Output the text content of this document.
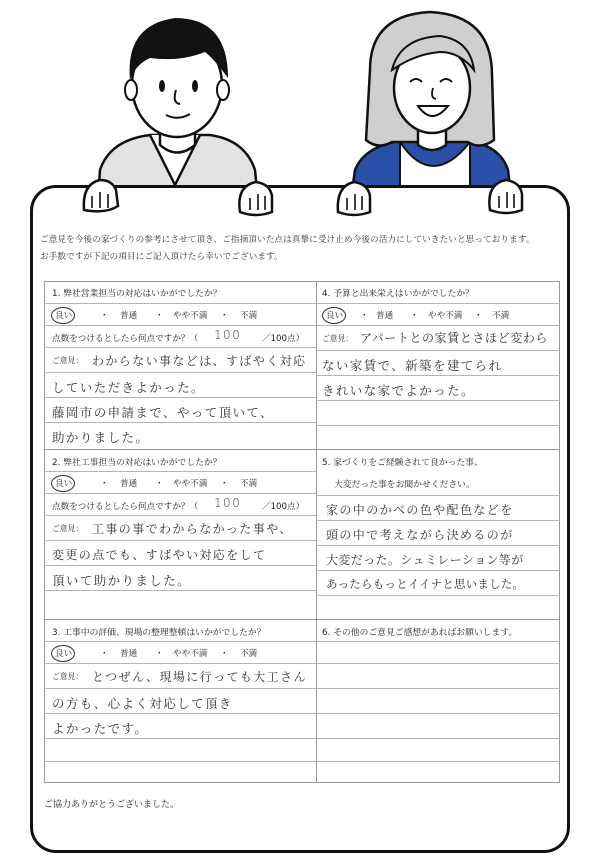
ご意見を今後の家づくりの参考にさせて頂き、ご指摘頂いた点は真摯に受け止め今後の活力にしていきたいと思っております。
お手数ですが下記の項目にご記入頂けたら幸いでございます。
1. 弊社営業担当の対応はいかがでしたか？
良い	・ 普通 ・ やや不満 ・ 不満
点数をつけるとしたら何点ですか？（ 100 ／100点）
ご意見： わからない事などは、すばやく対応
していただきよかった。
藤岡市の申請まで、やって頂いて、
助かりました。
2. 弊社工事担当の対応はいかがでしたか？
良い	・ 普通 ・ やや不満 ・ 不満
点数をつけるとしたら何点ですか？（ 100 ／100点）
ご意見： 工事の事でわからなかった事や、
変更の点でも、すばやい対応をして
頂いて助かりました。
3. 工事中の評価、現場の整理整頓はいかがでしたか？
良い	・ 普通 ・ やや不満 ・ 不満
ご意見： とつぜん、現場に行っても大工さん
の方も、心よく対応して頂き
よかったです。
4. 予算と出来栄えはいかがでしたか？
良い ・ 普通 ・ やや不満 ・ 不満
ご意見： アパートとの家賃とさほど変わら
ない家賃で、新築を建てられ
きれいな家でよかった。
5. 家づくりをご経験されて良かった事、
大変だった事をお聞かせください。
家の中のかべの色や配色などを
頭の中で考えながら決めるのが
大変だった。シュミレーション等が
あったらもっとイイナと思いました。
6. その他のご意見ご感想があればお願いします。
ご協力ありがとうございました。
